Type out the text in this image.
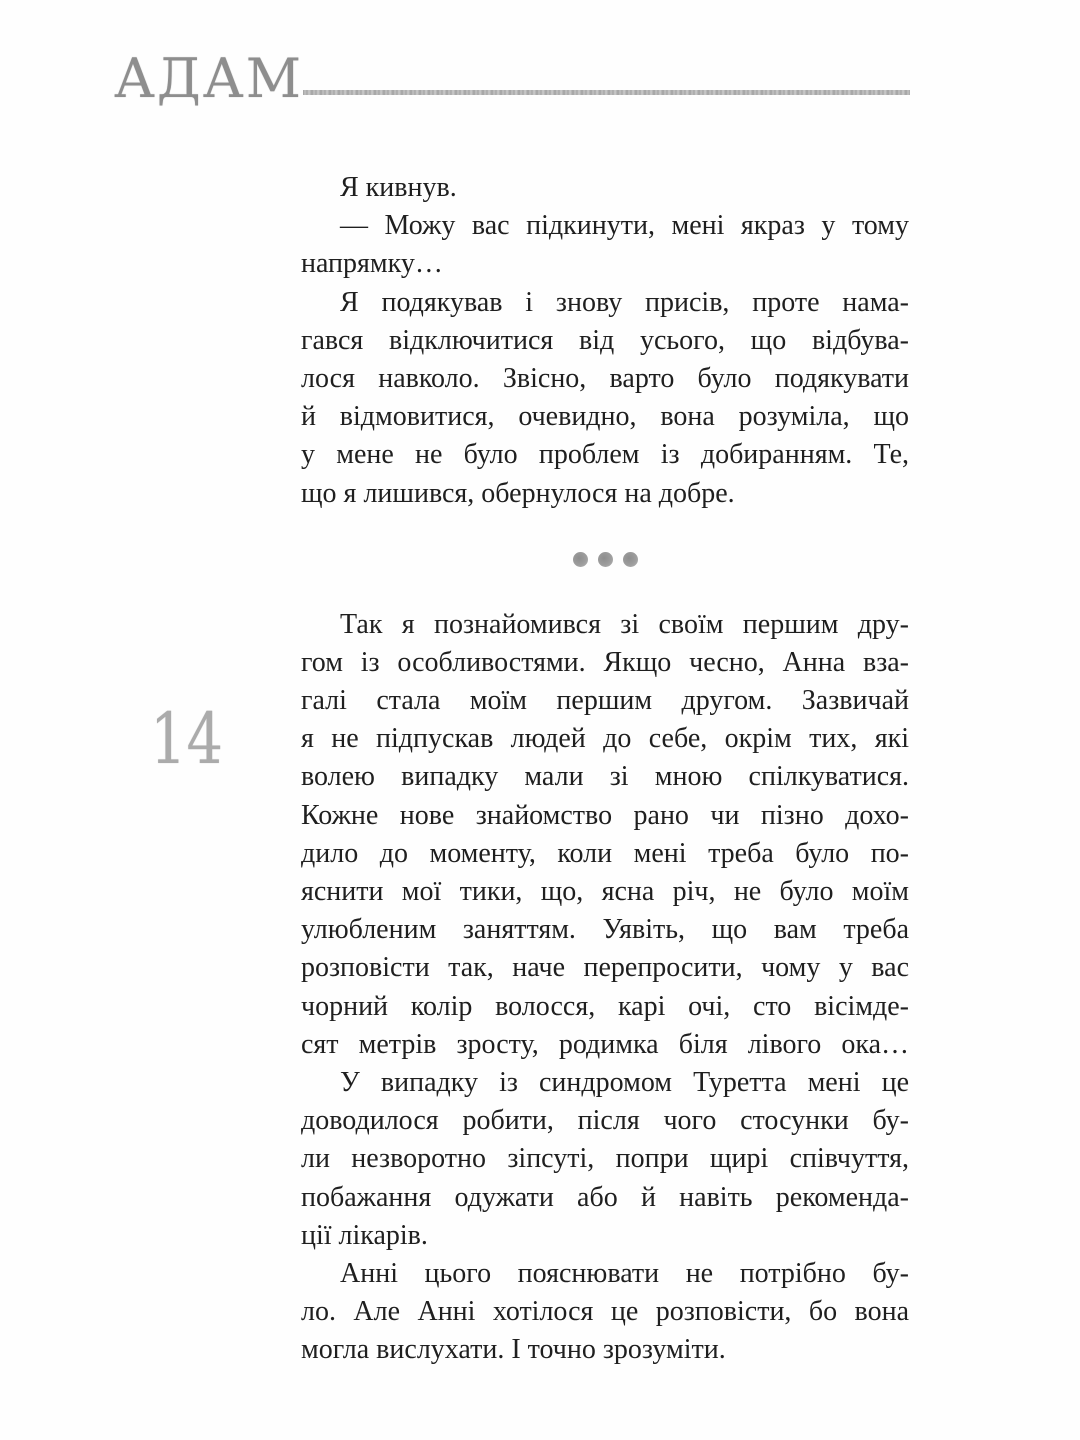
АДАМ
14
Я кивнув.
— Можу вас підкинути, мені якраз у тому
напрямку…
Я подякував і знову присів, проте нама-
гався відключитися від усього, що відбува-
лося навколо. Звісно, варто було подякувати
й відмовитися, очевидно, вона розуміла, що
у мене не було проблем із добиранням. Те,
що я лишився, обернулося на добре.
Так я познайомився зі своїм першим дру-
гом із особливостями. Якщо чесно, Анна вза-
галі стала моїм першим другом. Зазвичай
я не підпускав людей до себе, окрім тих, які
волею випадку мали зі мною спілкуватися.
Кожне нове знайомство рано чи пізно дохо-
дило до моменту, коли мені треба було по-
яснити мої тики, що, ясна річ, не було моїм
улюбленим заняттям. Уявіть, що вам треба
розповісти так, наче перепросити, чому у вас
чорний колір волосся, карі очі, сто вісімде-
сят метрів зросту, родимка біля лівого ока…
У випадку із синдромом Туретта мені це
доводилося робити, після чого стосунки бу-
ли незворотно зіпсуті, попри щирі співчуття,
побажання одужати або й навіть рекоменда-
ції лікарів.
Анні цього пояснювати не потрібно бу-
ло. Але Анні хотілося це розповісти, бо вона
могла вислухати. І точно зрозуміти.
